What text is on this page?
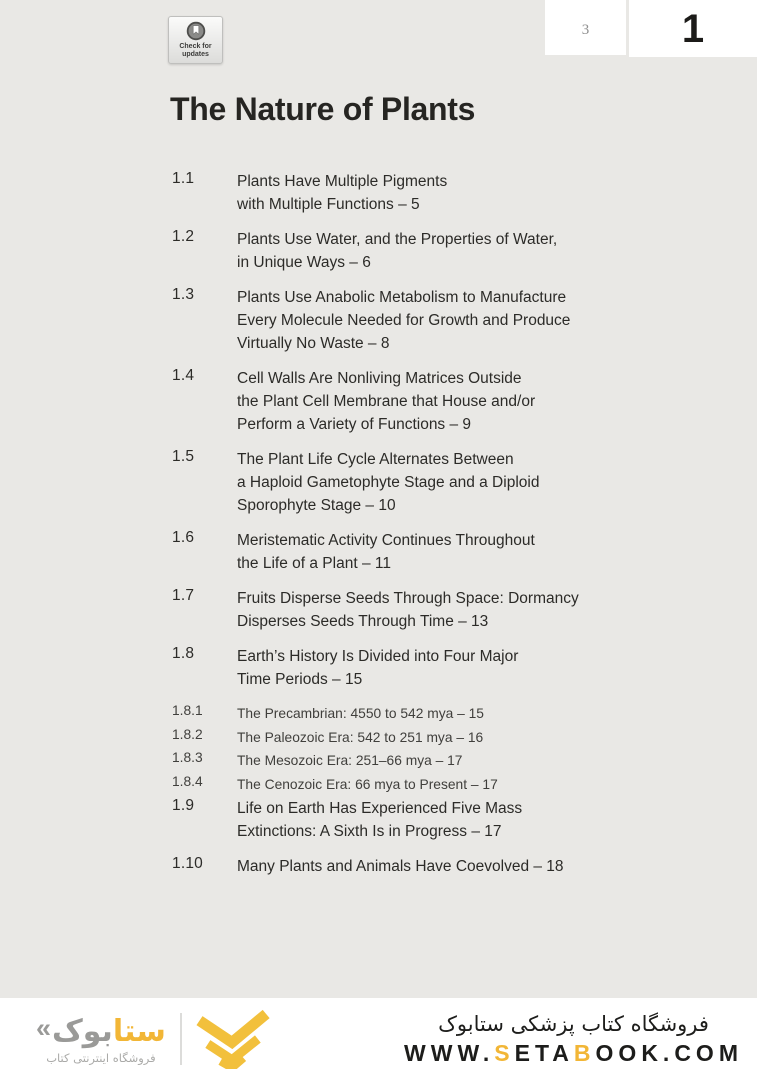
3 1
Check for
updates
The Nature of Plants
1.1	Plants Have Multiple Pigments
with Multiple Functions – 5
1.2	Plants Use Water, and the Properties of Water,
in Unique Ways – 6
1.3	Plants Use Anabolic Metabolism to Manufacture
Every Molecule Needed for Growth and Produce
Virtually No Waste – 8
1.4	Cell Walls Are Nonliving Matrices Outside
the Plant Cell Membrane that House and/or
Perform a Variety of Functions – 9
1.5	The Plant Life Cycle Alternates Between
a Haploid Gametophyte Stage and a Diploid
Sporophyte Stage – 10
1.6	Meristematic Activity Continues Throughout
the Life of a Plant – 11
1.7	Fruits Disperse Seeds Through Space: Dormancy
Disperses Seeds Through Time – 13
1.8	Earth’s History Is Divided into Four Major
Time Periods – 15
1.8.1	The Precambrian: 4550 to 542 mya – 15
1.8.2	The Paleozoic Era: 542 to 251 mya – 16
1.8.3	The Mesozoic Era: 251–66 mya – 17
1.8.4	The Cenozoic Era: 66 mya to Present – 17
1.9	Life on Earth Has Experienced Five Mass
Extinctions: A Sixth Is in Progress – 17
1.10	Many Plants and Animals Have Coevolved – 18
«	ستابوک
فروشگاه اینترنتی کتاب
فروشگاه کتاب پزشکی ستابوک
WWW.SETABOOK.COM
